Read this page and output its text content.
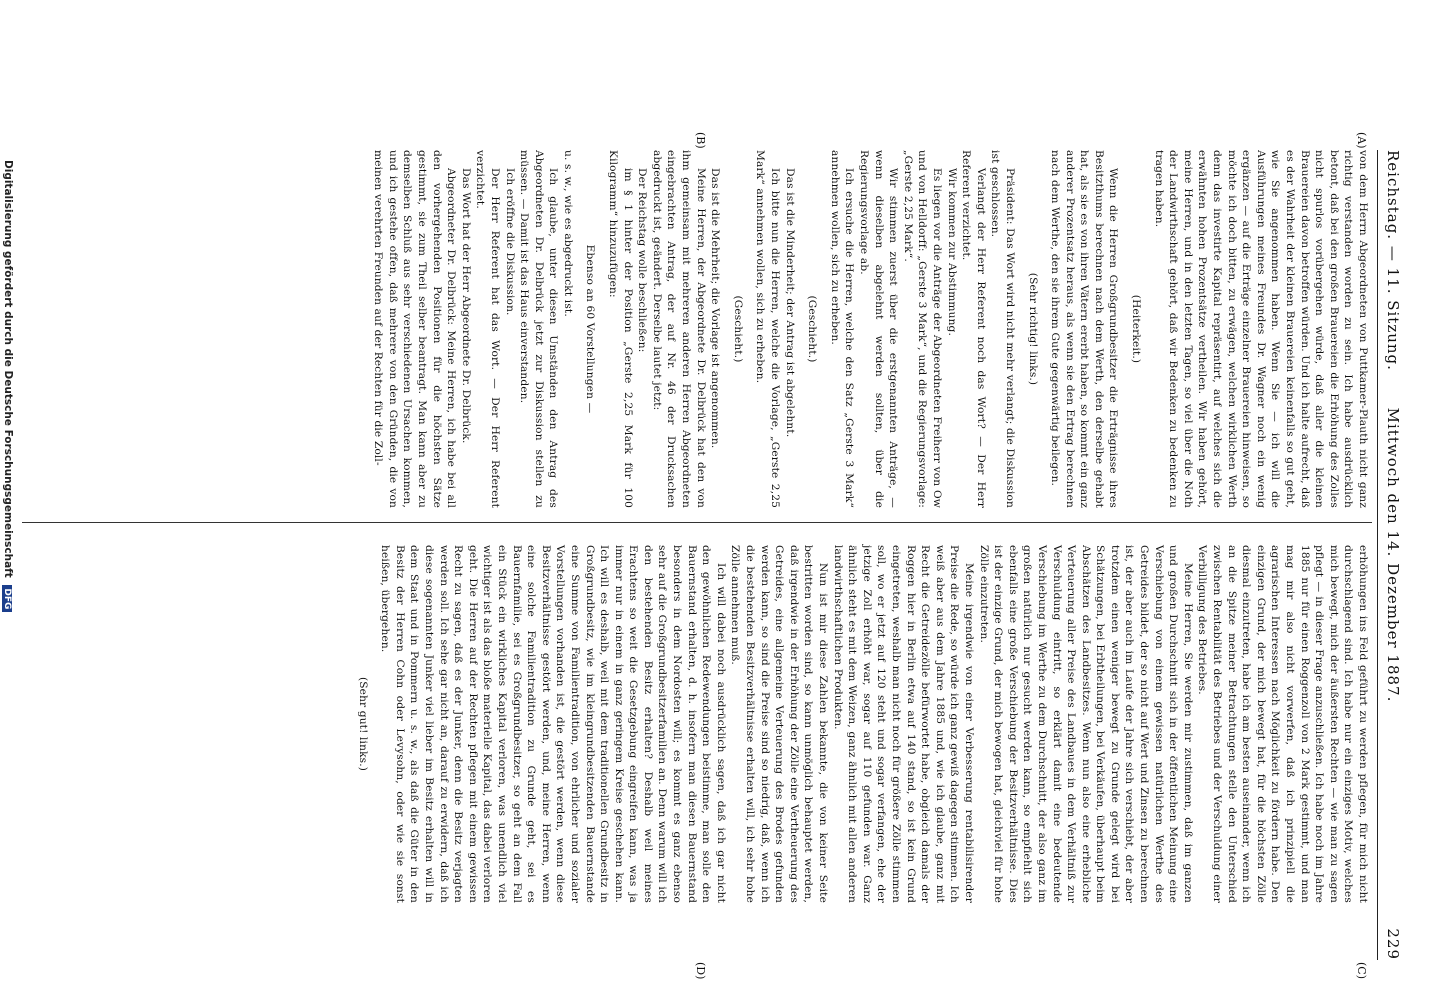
Reichstag. — 11. Sitzung.
Mittwoch den 14. Dezember 1887.
229
(A)
(C)
(B)
(D)

von dem Herrn Abgeordneten von Puttkamer-Plauth nicht ganz richtig verstanden worden zu sein. Ich habe ausdrücklich betont, daß bei den großen Brauereien die Erhöhung des Zolles nicht spurlos vorübergehen würde, daß aller die kleinen Brauereien davon betroffen würden. Und ich halte aufrecht, daß es der Wahrheit der kleinen Brauereien keinenfalls so gut geht, wie Sie angenommen haben. Wenn Sie — ich will die Ausführungen meines Freundes Dr. Wagner noch ein wenig ergänzen — auf die Erträge einzelner Brauereien hinweisen, so möchte ich doch bitten, zu erwägen, welchen wirklichen Werth denn das investirte Kapital repräsentirt, auf welches sich die erwähnten hohen Prozentsätze vertheilen. Wir haben gehört, meine Herren, und in den letzten Tagen, so viel über die Noth der Landwirthschaft gehört, daß wir Bedenken zu bedenken zu tragen haben.

(Heiterkeit.)

Wenn die Herren Großgrundbesitzer die Erträgnisse ihres Besitzthums berechnen nach dem Werth, den derselbe gehabt hat, als sie es von ihren Vätern ererbt haben, so kommt ein ganz anderer Prozentsatz heraus, als wenn sie den Ertrag berechnen nach dem Werthe, den sie ihrem Gute gegenwärtig beilegen.

(Sehr richtig! links.)

Präsident: Das Wort wird nicht mehr verlangt; die Diskussion ist geschlossen.

Verlangt der Herr Referent noch das Wort? — Der Herr Referent verzichtet.

Wir kommen zur Abstimmung.

Es liegen vor die Anträge der Abgeordneten Freiherr von Ow und von Helldorff: „Gerste 3 Mark“, und die Regierungsvorlage: „Gerste 2,25 Mark“.

Wir stimmen zuerst über die erstgenannten Anträge, — wenn dieselben abgelehnt werden sollten, über die Regierungsvorlage ab.

Ich ersuche die Herren, welche den Satz „Gerste 3 Mark“ annehmen wollen, sich zu erheben.

(Geschieht.)

Das ist die Minderheit; der Antrag ist abgelehnt.

Ich bitte nun die Herren, welche die Vorlage, „Gerste 2,25 Mark“ annehmen wollen, sich zu erheben.

(Geschieht.)

Das ist die Mehrheit; die Vorlage ist angenommen.

Meine Herren, der Abgeordnete Dr. Delbrück hat den von ihm gemeinsam mit mehreren anderen Herren Abgeordneten eingebrachten Antrag, der auf Nr. 46 der Drucksachen abgedruckt ist, geändert. Derselbe lautet jetzt:

Der Reichstag wolle beschließen:

im § 1 hinter der Position „Gerste 2,25 Mark für 100 Kilogramm“ hinzuzufügen:

Ebenso an 60 Vorstellungen —

u. s. w., wie es abgedruckt ist.

Ich glaube, unter diesen Umständen den Antrag des Abgeordneten Dr. Delbrück jetzt zur Diskussion stellen zu müssen. — Damit ist das Haus einverstanden.

Ich eröffne die Diskussion.

Der Herr Referent hat das Wort. — Der Herr Referent verzichtet.

Das Wort hat der Herr Abgeordnete Dr. Delbrück.

Abgeordneter Dr. Delbrück: Meine Herren, ich habe bei all den vorhergehenden Positionen für die höchsten Sätze gestimmt, sie zum Theil selber beantragt. Man kann aber zu demselben Schluß aus sehr verschiedenen Ursachen kommen, und ich gestehe offen, daß mehrere von den Gründen, die von meinen verehrten Freunden auf der Rechten für die Zoll-

erhöhungen ins Feld geführt zu werden pflegen, für mich nicht durchschlagend sind. Ich habe nur ein einziges Motiv, welches mich bewegt, mich der äußersten Rechten — wie man zu sagen pflegt — in dieser Frage anzuschließen. Ich habe noch im Jahre 1885 nur für einen Roggenzoll von 2 Mark gestimmt, und man mag mir also nicht vorwerfen, daß ich prinzipiell die agrarischen Interessen nach Möglichkeit zu fördern habe. Den einzigen Grund, der mich bewegt hat, für die höchsten Zölle diesmal einzutreten, habe ich am besten auseinander, wenn ich an die Spitze meiner Betrachtungen stelle den Unterschied zwischen Rentabilität des Betriebes und der Verschuldung einer Verbilligung des Betriebes.

Meine Herren, Sie werden mir zustimmen, daß im ganzen und großen Durchschnitt sich in der öffentlichen Meinung eine Verschiebung von einem gewissen natürlichen Werthe des Getreides bildet, der so nicht auf Wert und Zinsen zu berechnen ist, der aber auch im Laufe der Jahre sich verschiebt, der aber trotzdem einen weniger bewegt zu Grunde gelegt wird bei Schätzungen, bei Erbtheilungen, bei Verkäufen, überhaupt beim Abschätzen des Landbesitzes. Wenn nun also eine erhebliche Verteuerung aller Preise des Landbaues in dem Verhältniß zur Verschuldung eintritt, so erklärt damit eine bedeutende Verschiebung im Werthe zu dem Durchschnitt, der also ganz im großen natürlich nur gesucht werden kann, so empfiehlt sich ebenfalls eine große Verschiebung der Besitzverhältnisse. Dies ist der einzige Grund, der mich bewogen hat, gleichviel für hohe Zölle einzutreten.

Meine irgendwie von einer Verbesserung rentabilisirender Preise die Rede, so würde ich ganz gewiß dagegen stimmen. Ich weiß aber aus dem Jahre 1885 und, wie ich glaube, ganz mit Recht die Getreidezölle befürwortet habe, obgleich damals der Roggen hier in Berlin etwa auf 140 stand, so ist kein Grund eingetreten, weshalb man nicht noch für größere Zölle stimmen soll, wo er jetzt auf 120 steht und sogar verfangen, ehe der jetzige Zoll erhöht war, sogar auf 110 gefunden war. Ganz ähnlich steht es mit dem Weizen, ganz ähnlich mit allen anderen landwirthschaftlichen Produkten.

Nun ist mir diese Zahlen bekannte, die von keiner Seite bestritten worden sind, so kann unmöglich behauptet werden, daß irgendwie in der Erhöhung der Zölle eine Vertheuerung des Getreides, eine allgemeine Verteuerung des Brodes gefunden werden kann, so sind die Preise sind so niedrig, daß, wenn ich die bestehenden Besitzverhältnisse erhalten will, ich sehr hohe Zölle annehmen muß.

Ich will dabei noch ausdrücklich sagen, daß ich gar nicht den gewöhnlichen Redewendungen beistimme, man solle den Bauernstand erhalten, d. h. insofern man diesen Bauernstand besonders in dem Nordosten will; es kommt es ganz ebenso sehr auf die Großgrundbesitzerfamilien an. Denn warum will ich den bestehenden Besitz erhalten? Deshalb weil meines Erachtens so weit die Gesetzgebung eingreifen kann, was ja immer nur in einem in ganz geringem Kreise geschehen kann. Ich will es deshalb, weil mit dem traditionellen Grundbesitz in Großgrundbesitz, wie im kleingrundbesitzenden Bauernstande eine Summe von Familientradition, von ehrlicher und sozialer Vorstellungen vorhanden ist, die gestört werden, wenn diese Besitzverhältnisse gestört werden, und, meine Herren, wenn eine solche Familientradition zu Grunde geht, sei es Bauernfamilie, sei es Großgrundbesitzer, so geht an dem Fall ein Stück ein wirkliches Kapital verloren, was unendlich viel wichtiger ist als das bloße materielle Kapital, das dabei verloren geht. Die Herren auf der Rechten pflegen mit einem gewissen Recht zu sagen, daß es der Junker, denn die Besitz verjagten werden soll. Ich sehe gar nicht an, darauf zu erwidern, daß ich diese sogenannten Junker viel lieber im Besitz erhalten will in dem Staat und in Pommern u. s. w., als daß die Güter in den Besitz der Herren Cohn oder Levysohn, oder wie sie sonst heißen, übergehen.

(Sehr gut! links.)

Digitalisierung gefördert durch die Deutsche Forschungsgemeinschaft DFG
